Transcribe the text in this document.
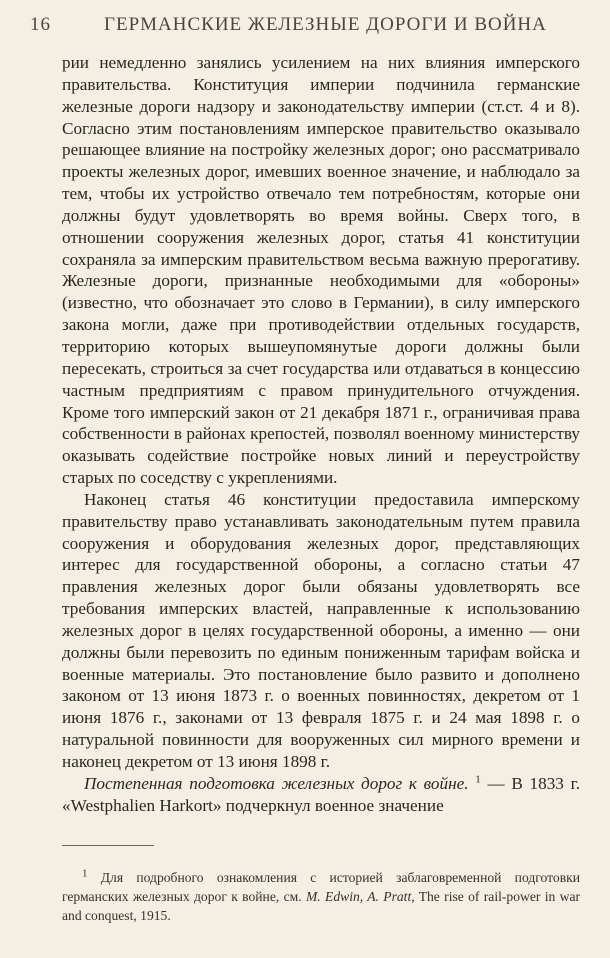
16	ГЕРМАНСКИЕ ЖЕЛЕЗНЫЕ ДОРОГИ И ВОЙНА

рии немедленно занялись усилением на них влияния имперского правительства. Конституция империи подчинила германские железные дороги надзору и законодательству империи (ст.ст. 4 и 8). Согласно этим постановлениям имперское правительство оказывало решающее влияние на постройку железных дорог; оно рассматривало проекты железных дорог, имевших военное значение, и наблюдало за тем, чтобы их устройство отвечало тем потребностям, которые они должны будут удовлетворять во время войны. Сверх того, в отношении сооружения железных дорог, статья 41 конституции сохраняла за имперским правительством весьма важную прерогативу. Железные дороги, признанные необходимыми для «обороны» (известно, что обозначает это слово в Германии), в силу имперского закона могли, даже при противодействии отдельных государств, территорию которых вышеупомянутые дороги должны были пересекать, строиться за счет государства или отдаваться в концессию частным предприятиям с правом принудительного отчуждения. Кроме того имперский закон от 21 декабря 1871 г., ограничивая права собственности в районах крепостей, позволял военному министерству оказывать содействие постройке новых линий и переустройству старых по соседству с укреплениями.

Наконец статья 46 конституции предоставила имперскому правительству право устанавливать законодательным путем правила сооружения и оборудования железных дорог, представляющих интерес для государственной обороны, а согласно статьи 47 правления железных дорог были обязаны удовлетворять все требования имперских властей, направленные к использованию железных дорог в целях государственной обороны, а именно — они должны были перевозить по единым пониженным тарифам войска и военные материалы. Это постановление было развито и дополнено законом от 13 июня 1873 г. о военных повинностях, декретом от 1 июня 1876 г., законами от 13 февраля 1875 г. и 24 мая 1898 г. о натуральной повинности для вооруженных сил мирного времени и наконец декретом от 13 июня 1898 г.

Постепенная подготовка железных дорог к войне. $^1$ — В 1833 г. «Westphalien Harkort» подчеркнул военное значение

$^1$ Для подробного ознакомления с историей заблаговременной подготовки германских железных дорог к войне, см. M. Edwin, A. Pratt, The rise of rail-power in war and conquest, 1915.
